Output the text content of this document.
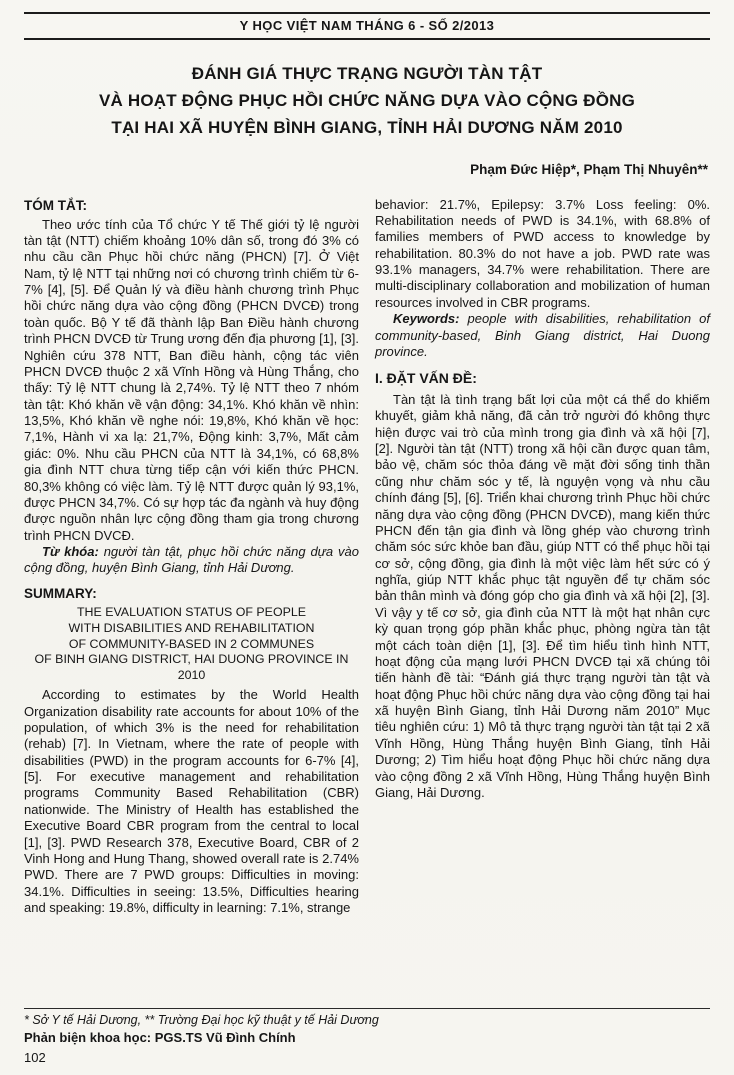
Y HỌC VIỆT NAM THÁNG 6 - SỐ 2/2013
ĐÁNH GIÁ THỰC TRẠNG NGƯỜI TÀN TẬT
VÀ HOẠT ĐỘNG PHỤC HỒI CHỨC NĂNG DỰA VÀO CỘNG ĐỒNG
TẠI HAI XÃ HUYỆN BÌNH GIANG, TỈNH HẢI DƯƠNG NĂM 2010
Phạm Đức Hiệp*, Phạm Thị Nhuyên**
TÓM TẮT:

Theo ước tính của Tổ chức Y tế Thế giới tỷ lệ người tàn tật (NTT) chiếm khoảng 10% dân số, trong đó 3% có nhu cầu cần Phục hồi chức năng (PHCN) [7]. Ở Việt Nam, tỷ lệ NTT tại những nơi có chương trình chiếm từ 6-7% [4], [5]. Để Quản lý và điều hành chương trình Phục hồi chức năng dựa vào cộng đồng (PHCN DVCĐ) trong toàn quốc. Bộ Y tế đã thành lập Ban Điều hành chương trình PHCN DVCĐ từ Trung ương đến địa phương [1], [3]. Nghiên cứu 378 NTT, Ban điều hành, cộng tác viên PHCN DVCĐ thuộc 2 xã Vĩnh Hồng và Hùng Thắng, cho thấy: Tỷ lệ NTT chung là 2,74%. Tỷ lệ NTT theo 7 nhóm tàn tật: Khó khăn về vận động: 34,1%. Khó khăn về nhìn: 13,5%, Khó khăn về nghe nói: 19,8%, Khó khăn về học: 7,1%, Hành vi xa lạ: 21,7%, Động kinh: 3,7%, Mất cảm giác: 0%. Nhu cầu PHCN của NTT là 34,1%, có 68,8% gia đình NTT chưa từng tiếp cận với kiến thức PHCN. 80,3% không có việc làm. Tỷ lệ NTT được quản lý 93,1%, được PHCN 34,7%. Có sự hợp tác đa ngành và huy động được nguồn nhân lực cộng đồng tham gia trong chương trình PHCN DVCĐ.

Từ khóa: người tàn tật, phục hồi chức năng dựa vào cộng đồng, huyện Bình Giang, tỉnh Hải Dương.

SUMMARY:
THE EVALUATION STATUS OF PEOPLE
WITH DISABILITIES AND REHABILITATION
OF COMMUNITY-BASED IN 2 COMMUNES
OF BINH GIANG DISTRICT, HAI DUONG PROVINCE IN 2010

According to estimates by the World Health Organization disability rate accounts for about 10% of the population, of which 3% is the need for rehabilitation (rehab) [7]. In Vietnam, where the rate of people with disabilities (PWD) in the program accounts for 6-7% [4], [5]. For executive management and rehabilitation programs Community Based Rehabilitation (CBR) nationwide. The Ministry of Health has established the Executive Board CBR program from the central to local [1], [3]. PWD Research 378, Executive Board, CBR of 2 Vinh Hong and Hung Thang, showed overall rate is 2.74% PWD. There are 7 PWD groups: Difficulties in moving: 34.1%. Difficulties in seeing: 13.5%, Difficulties hearing and speaking: 19.8%, difficulty in learning: 7.1%, strange

behavior: 21.7%, Epilepsy: 3.7% Loss feeling: 0%. Rehabilitation needs of PWD is 34.1%, with 68.8% of families members of PWD access to knowledge by rehabilitation. 80.3% do not have a job. PWD rate was 93.1% managers, 34.7% were rehabilitation. There are multi-disciplinary collaboration and mobilization of human resources involved in CBR programs.

Keywords: people with disabilities, rehabilitation of community-based, Binh Giang district, Hai Duong province.

I. ĐẶT VẤN ĐỀ:

Tàn tật là tình trạng bất lợi của một cá thể do khiếm khuyết, giảm khả năng, đã cản trở người đó không thực hiện được vai trò của mình trong gia đình và xã hội [7], [2]. Người tàn tật (NTT) trong xã hội cần được quan tâm, bảo vệ, chăm sóc thỏa đáng về mặt đời sống tinh thần cũng như chăm sóc y tế, là nguyện vọng và nhu cầu chính đáng [5], [6]. Triển khai chương trình Phục hồi chức năng dựa vào cộng đồng (PHCN DVCĐ), mang kiến thức PHCN đến tận gia đình và lồng ghép vào chương trình chăm sóc sức khỏe ban đầu, giúp NTT có thể phục hồi tại cơ sở, cộng đồng, gia đình là một việc làm hết sức có ý nghĩa, giúp NTT khắc phục tật nguyền để tự chăm sóc bản thân mình và đóng góp cho gia đình và xã hội [2], [3]. Vì vậy y tế cơ sở, gia đình của NTT là một hạt nhân cực kỳ quan trọng góp phần khắc phục, phòng ngừa tàn tật một cách toàn diện [1], [3]. Để tìm hiểu tình hình NTT, hoạt động của mạng lưới PHCN DVCĐ tại xã chúng tôi tiến hành đề tài: “Đánh giá thực trạng người tàn tật và hoạt động Phục hồi chức năng dựa vào cộng đồng tại hai xã huyện Bình Giang, tỉnh Hải Dương năm 2010” Mục tiêu nghiên cứu: 1) Mô tả thực trạng người tàn tật tại 2 xã Vĩnh Hồng, Hùng Thắng huyện Bình Giang, tỉnh Hải Dương; 2) Tìm hiểu hoạt động Phục hồi chức năng dựa vào cộng đồng 2 xã Vĩnh Hồng, Hùng Thắng huyện Bình Giang, Hải Dương.

* Sở Y tế Hải Dương, ** Trường Đại học kỹ thuật y tế Hải Dương
Phản biện khoa học: PGS.TS Vũ Đình Chính
102
